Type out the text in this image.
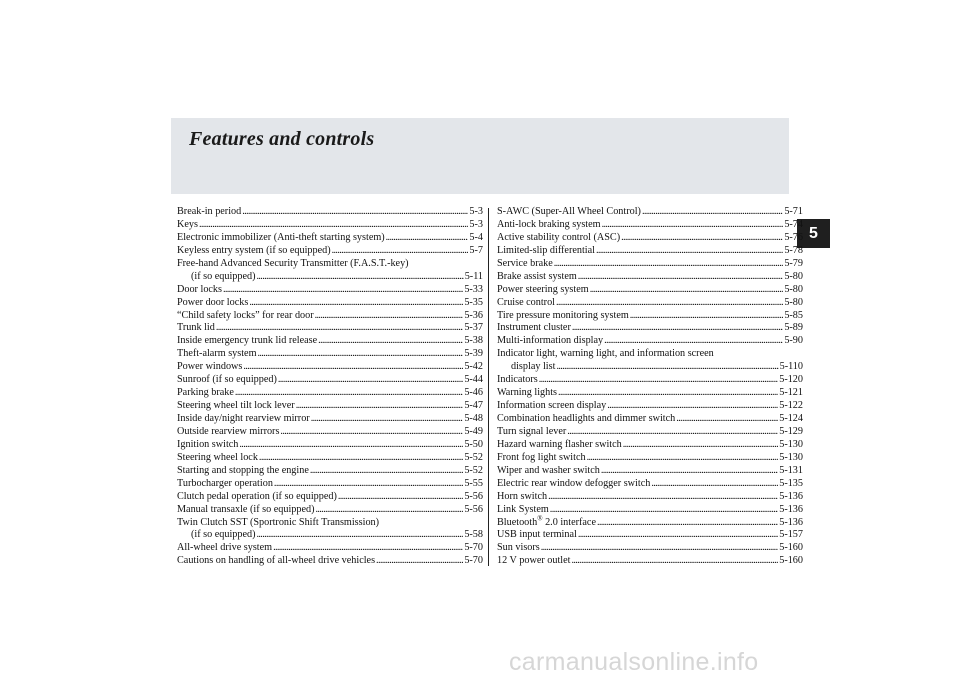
Features and controls
5
Break-in period . . .	5-3
Keys . . .	5-3
Electronic immobilizer (Anti-theft starting system) . . .	5-4
Keyless entry system (if so equipped) . . .	5-7
Free-hand Advanced Security Transmitter (F.A.S.T.-key)
(if so equipped) . . .	5-11
Door locks . . .	5-33
Power door locks . . .	5-35
“Child safety locks” for rear door . . .	5-36
Trunk lid . . .	5-37
Inside emergency trunk lid release . . .	5-38
Theft-alarm system . . .	5-39
Power windows . . .	5-42
Sunroof (if so equipped) . . .	5-44
Parking brake . . .	5-46
Steering wheel tilt lock lever . . .	5-47
Inside day/night rearview mirror . . .	5-48
Outside rearview mirrors . . .	5-49
Ignition switch . . .	5-50
Steering wheel lock . . .	5-52
Starting and stopping the engine . . .	5-52
Turbocharger operation . . .	5-55
Clutch pedal operation (if so equipped) . . .	5-56
Manual transaxle (if so equipped) . . .	5-56
Twin Clutch SST (Sportronic Shift Transmission)
(if so equipped) . . .	5-58
All-wheel drive system . . .	5-70
Cautions on handling of all-wheel drive vehicles . . .	5-70
S-AWC (Super-All Wheel Control) . . .	5-71
Anti-lock braking system . . .	5-74
Active stability control (ASC) . . .	5-76
Limited-slip differential . . .	5-78
Service brake . . .	5-79
Brake assist system . . .	5-80
Power steering system . . .	5-80
Cruise control . . .	5-80
Tire pressure monitoring system . . .	5-85
Instrument cluster . . .	5-89
Multi-information display . . .	5-90
Indicator light, warning light, and information screen
display list . . .	5-110
Indicators . . .	5-120
Warning lights . . .	5-121
Information screen display . . .	5-122
Combination headlights and dimmer switch . . .	5-124
Turn signal lever . . .	5-129
Hazard warning flasher switch . . .	5-130
Front fog light switch . . .	5-130
Wiper and washer switch . . .	5-131
Electric rear window defogger switch . . .	5-135
Horn switch . . .	5-136
Link System . . .	5-136
Bluetooth® 2.0 interface . . .	5-136
USB input terminal . . .	5-157
Sun visors . . .	5-160
12 V power outlet . . .	5-160
carmanualsonline.info
